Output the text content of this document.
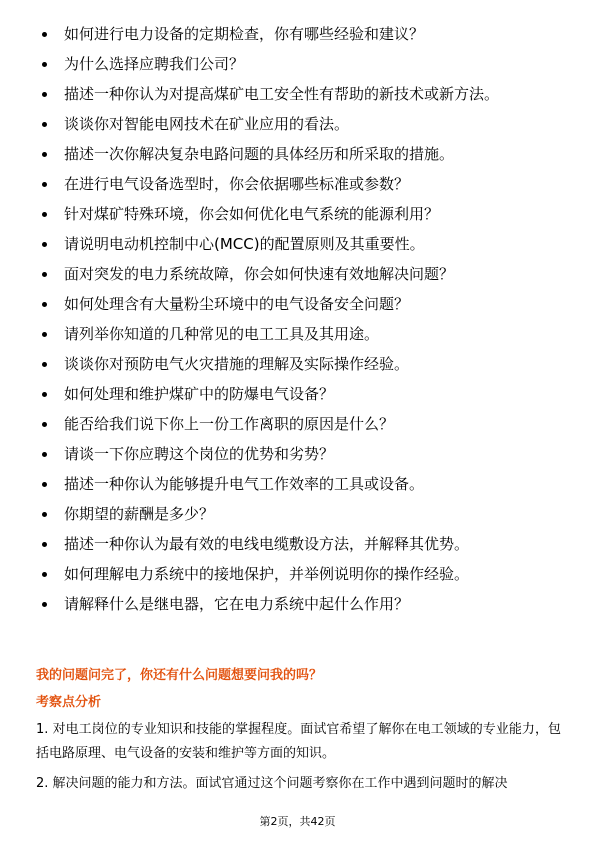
如何进行电力设备的定期检查，你有哪些经验和建议？
为什么选择应聘我们公司？
描述一种你认为对提高煤矿电工安全性有帮助的新技术或新方法。
谈谈你对智能电网技术在矿业应用的看法。
描述一次你解决复杂电路问题的具体经历和所采取的措施。
在进行电气设备选型时，你会依据哪些标准或参数？
针对煤矿特殊环境，你会如何优化电气系统的能源利用？
请说明电动机控制中心(MCC)的配置原则及其重要性。
面对突发的电力系统故障，你会如何快速有效地解决问题？
如何处理含有大量粉尘环境中的电气设备安全问题？
请列举你知道的几种常见的电工工具及其用途。
谈谈你对预防电气火灾措施的理解及实际操作经验。
如何处理和维护煤矿中的防爆电气设备？
能否给我们说下你上一份工作离职的原因是什么？
请谈一下你应聘这个岗位的优势和劣势？
描述一种你认为能够提升电气工作效率的工具或设备。
你期望的薪酬是多少？
描述一种你认为最有效的电线电缆敷设方法，并解释其优势。
如何理解电力系统中的接地保护，并举例说明你的操作经验。
请解释什么是继电器，它在电力系统中起什么作用？
我的问题问完了，你还有什么问题想要问我的吗？
考察点分析
1. 对电工岗位的专业知识和技能的掌握程度。面试官希望了解你在电工领域的专业能力，包括电路原理、电气设备的安装和维护等方面的知识。
2. 解决问题的能力和方法。面试官通过这个问题考察你在工作中遇到问题时的解决
第2页，共42页
